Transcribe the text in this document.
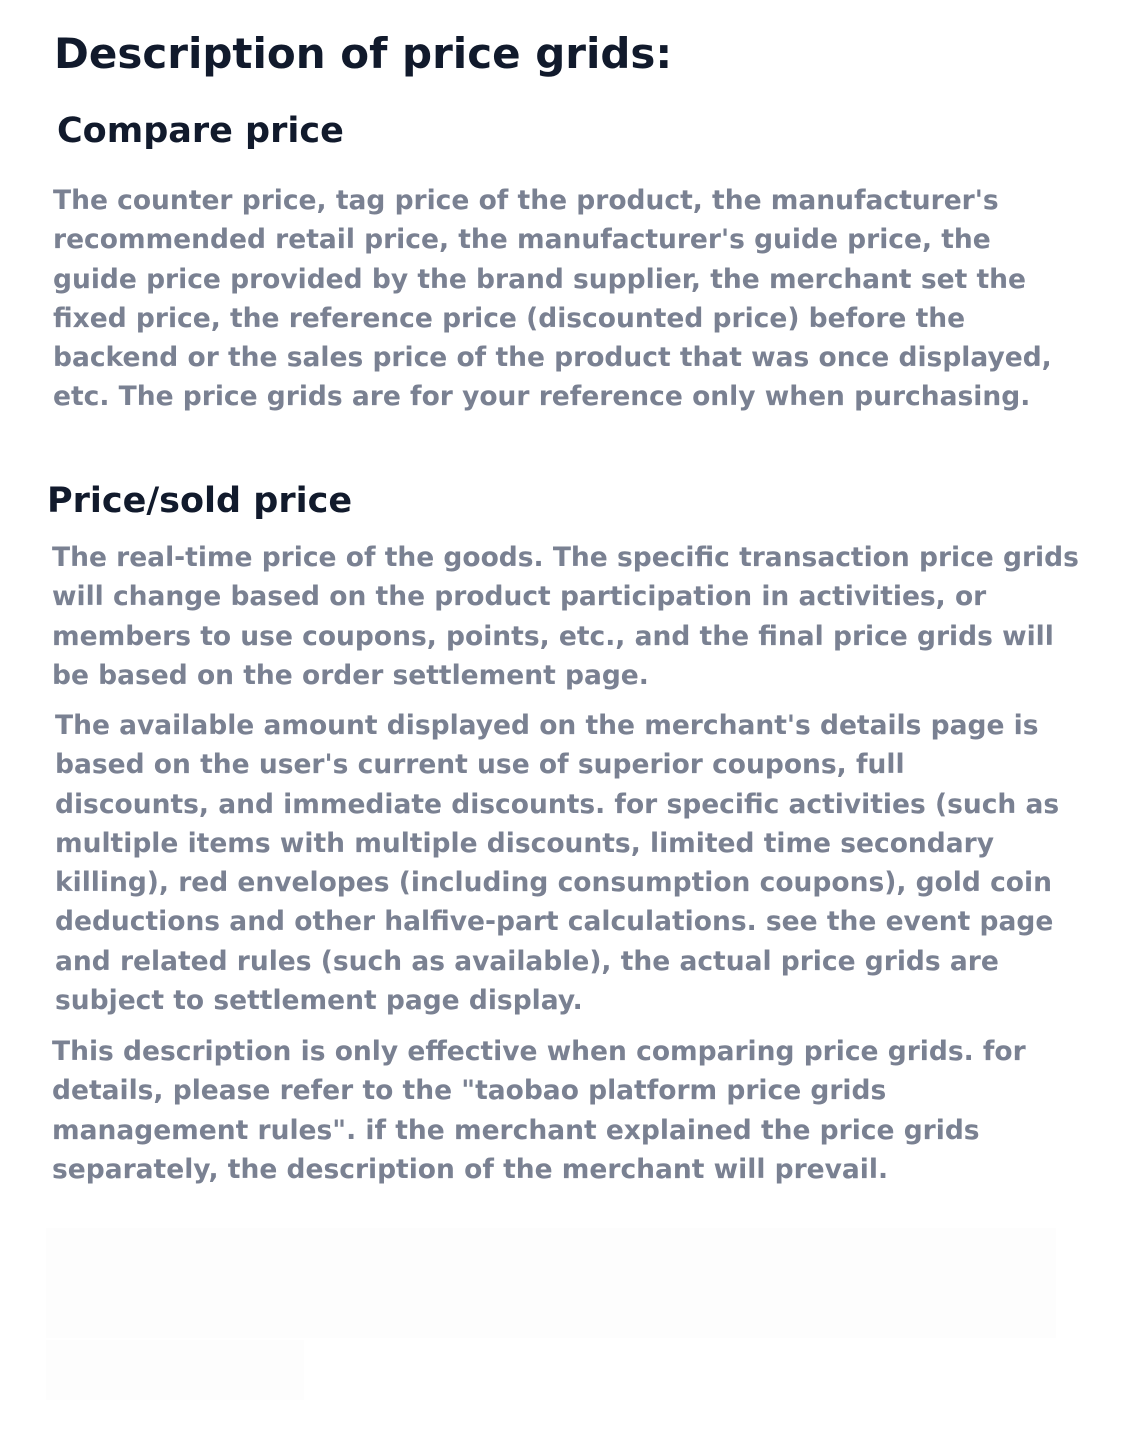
Description of price grids:
Compare price

The counter price, tag price of the product, the manufacturer's recommended retail price, the manufacturer's guide price, the guide price provided by the brand supplier, the merchant set the fixed price, the reference price (discounted price) before the backend or the sales price of the product that was once displayed, etc. The price grids are for your reference only when purchasing.

Price/sold price

The real-time price of the goods. The specific transaction price grids will change based on the product participation in activities, or members to use coupons, points, etc., and the final price grids will be based on the order settlement page.

The available amount displayed on the merchant's details page is based on the user's current use of superior coupons, full discounts, and immediate discounts. for specific activities (such as multiple items with multiple discounts, limited time secondary killing), red envelopes (including consumption coupons), gold coin deductions and other halfive-part calculations. see the event page and related rules (such as available), the actual price grids are subject to settlement page display.

This description is only effective when comparing price grids. for details, please refer to the "taobao platform price grids management rules". if the merchant explained the price grids separately, the description of the merchant will prevail.
